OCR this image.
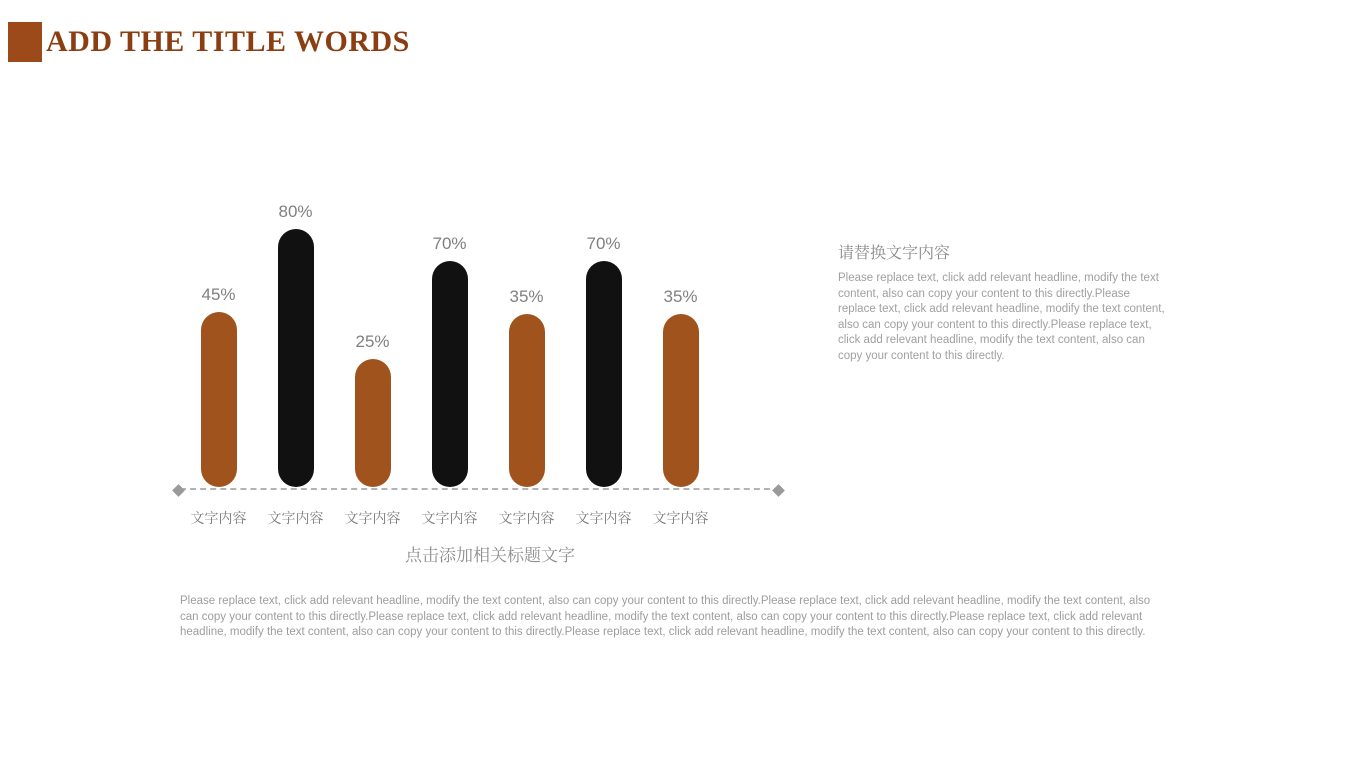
ADD THE TITLE WORDS
45%
80%
25%
70%
35%
70%
35%
文字内容	文字内容	文字内容	文字内容	文字内容	文字内容	文字内容
点击添加相关标题文字
请替换文字内容
Please replace text, click add relevant headline, modify the text content, also can copy your content to this directly.Please replace text, click add relevant headline, modify the text content, also can copy your content to this directly.Please replace text, click add relevant headline, modify the text content, also can copy your content to this directly.
Please replace text, click add relevant headline, modify the text content, also can copy your content to this directly.Please replace text, click add relevant headline, modify the text content, also can copy your content to this directly.Please replace text, click add relevant headline, modify the text content, also can copy your content to this directly.Please replace text, click add relevant headline, modify the text content, also can copy your content to this directly.Please replace text, click add relevant headline, modify the text content, also can copy your content to this directly.
